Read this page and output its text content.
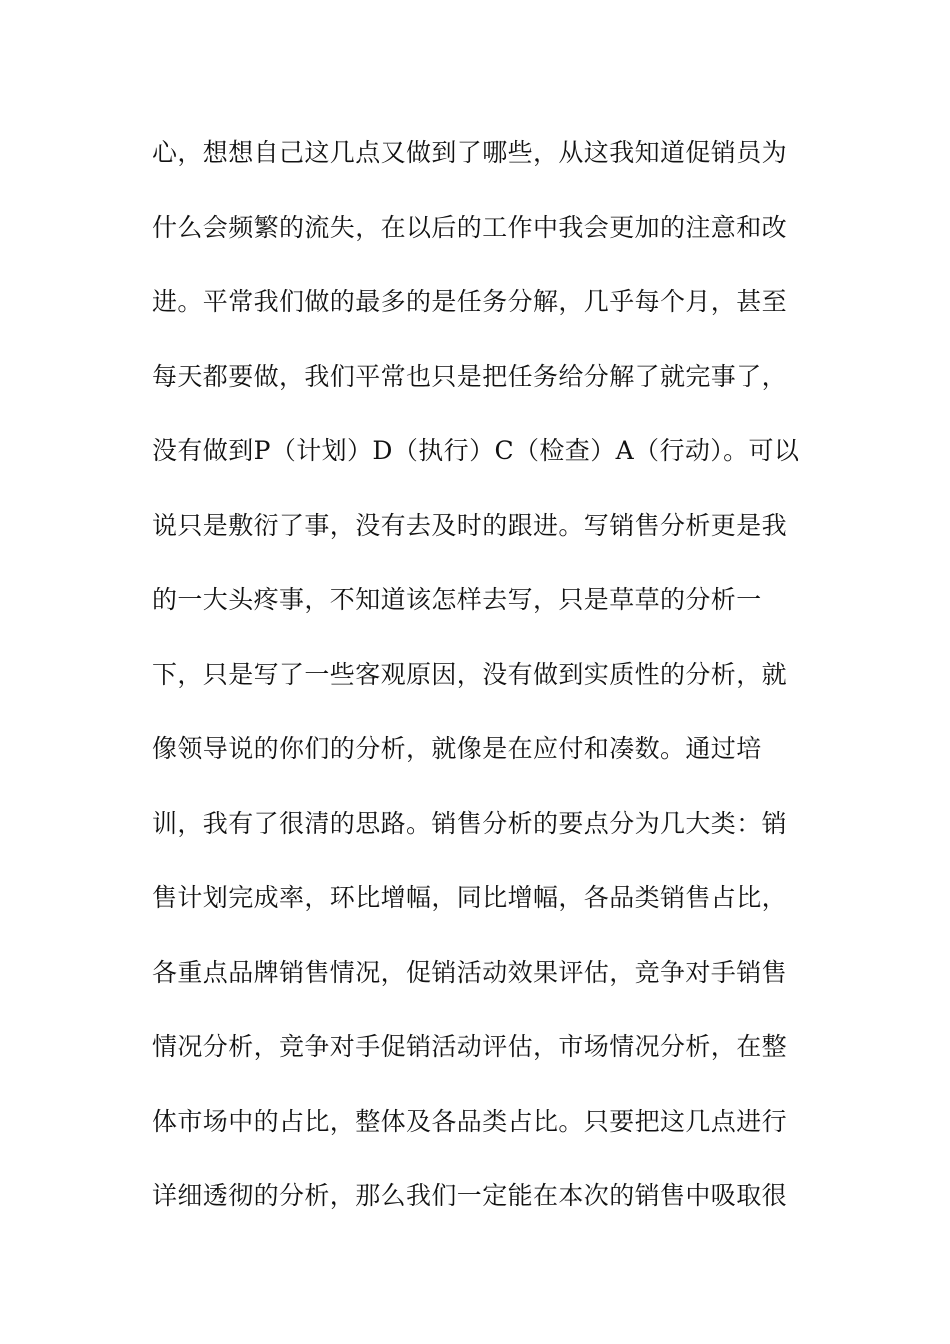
心，想想自己这几点又做到了哪些，从这我知道促销员为
什么会频繁的流失，在以后的工作中我会更加的注意和改
进。平常我们做的最多的是任务分解，几乎每个月，甚至
每天都要做，我们平常也只是把任务给分解了就完事了，
没有做到P（计划）D（执行）C（检查）A（行动）。可以
说只是敷衍了事，没有去及时的跟进。写销售分析更是我
的一大头疼事，不知道该怎样去写，只是草草的分析一
下，只是写了一些客观原因，没有做到实质性的分析，就
像领导说的你们的分析，就像是在应付和凑数。通过培
训，我有了很清的思路。销售分析的要点分为几大类：销
售计划完成率，环比增幅，同比增幅，各品类销售占比，
各重点品牌销售情况，促销活动效果评估，竞争对手销售
情况分析，竞争对手促销活动评估，市场情况分析，在整
体市场中的占比，整体及各品类占比。只要把这几点进行
详细透彻的分析，那么我们一定能在本次的销售中吸取很
